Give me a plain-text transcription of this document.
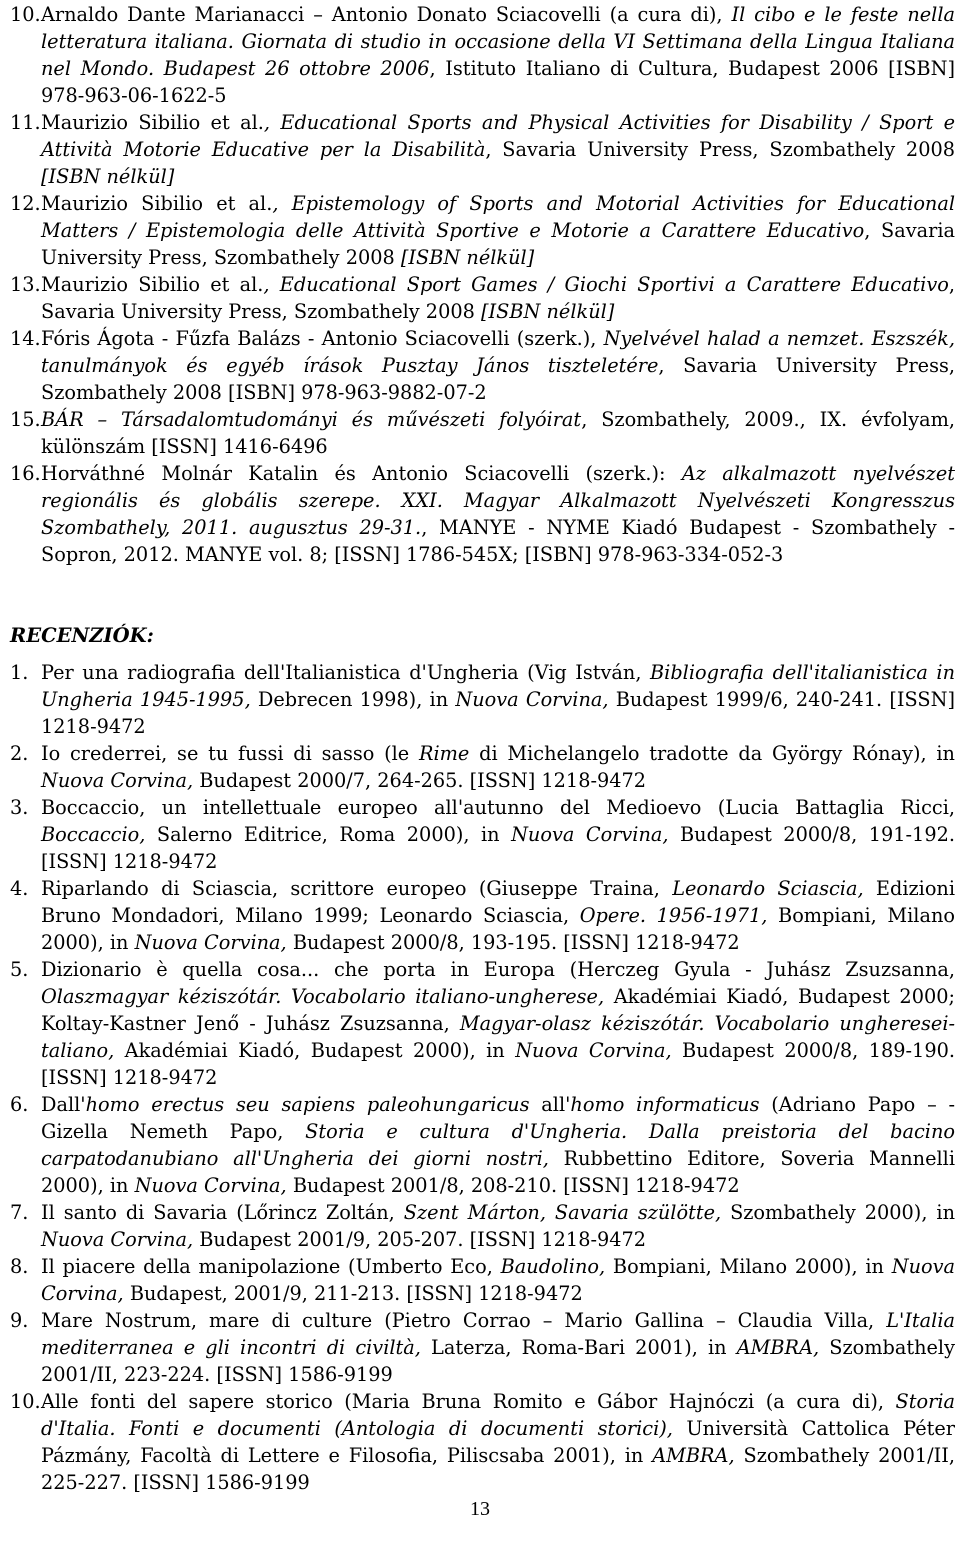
10. Arnaldo Dante Marianacci – Antonio Donato Sciacovelli (a cura di), Il cibo e le feste nella letteratura italiana. Giornata di studio in occasione della VI Settimana della Lingua Italiana nel Mondo. Budapest 26 ottobre 2006, Istituto Italiano di Cultura, Budapest 2006 [ISBN] 978-963-06-1622-5
11. Maurizio Sibilio et al., Educational Sports and Physical Activities for Disability / Sport e Attività Motorie Educative per la Disabilità, Savaria University Press, Szombathely 2008 [ISBN nélkül]
12. Maurizio Sibilio et al., Epistemology of Sports and Motorial Activities for Educational Matters / Epistemologia delle Attività Sportive e Motorie a Carattere Educativo, Savaria University Press, Szombathely 2008 [ISBN nélkül]
13. Maurizio Sibilio et al., Educational Sport Games / Giochi Sportivi a Carattere Educativo, Savaria University Press, Szombathely 2008 [ISBN nélkül]
14. Fóris Ágota - Fűzfa Balázs - Antonio Sciacovelli (szerk.), Nyelvével halad a nemzet. Eszszék, tanulmányok és egyéb írások Pusztay János tiszteletére, Savaria University Press, Szombathely 2008 [ISBN] 978-963-9882-07-2
15. BÁR – Társadalomtudományi és művészeti folyóirat, Szombathely, 2009., IX. évfolyam, különszám [ISSN] 1416-6496
16. Horváthné Molnár Katalin és Antonio Sciacovelli (szerk.): Az alkalmazott nyelvészet regionális és globális szerepe. XXI. Magyar Alkalmazott Nyelvészeti Kongresszus Szombathely, 2011. augusztus 29-31., MANYE - NYME Kiadó Budapest - Szombathely - Sopron, 2012. MANYE vol. 8; [ISSN] 1786-545X; [ISBN] 978-963-334-052-3
RECENZIÓK:
1. Per una radiografia dell'Italianistica d'Ungheria (Vig István, Bibliografia dell'italianistica in Ungheria 1945-1995, Debrecen 1998), in Nuova Corvina, Budapest 1999/6, 240-241. [ISSN] 1218-9472
2. Io crederrei, se tu fussi di sasso (le Rime di Michelangelo tradotte da György Rónay), in Nuova Corvina, Budapest 2000/7, 264-265. [ISSN] 1218-9472
3. Boccaccio, un intellettuale europeo all'autunno del Medioevo (Lucia Battaglia Ricci, Boccaccio, Salerno Editrice, Roma 2000), in Nuova Corvina, Budapest 2000/8, 191-192. [ISSN] 1218-9472
4. Riparlando di Sciascia, scrittore europeo (Giuseppe Traina, Leonardo Sciascia, Edizioni Bruno Mondadori, Milano 1999; Leonardo Sciascia, Opere. 1956-1971, Bompiani, Milano 2000), in Nuova Corvina, Budapest 2000/8, 193-195. [ISSN] 1218-9472
5. Dizionario è quella cosa... che porta in Europa (Herczeg Gyula - Juhász Zsuzsanna, Olaszmagyar kéziszótár. Vocabolario italiano-ungherese, Akadémiai Kiadó, Budapest 2000; Koltay-Kastner Jenő - Juhász Zsuzsanna, Magyar-olasz kéziszótár. Vocabolario ungheresei-taliano, Akadémiai Kiadó, Budapest 2000), in Nuova Corvina, Budapest 2000/8, 189-190. [ISSN] 1218-9472
6. Dall'homo erectus seu sapiens paleohungaricus all'homo informaticus (Adriano Papo – - Gizella Nemeth Papo, Storia e cultura d'Ungheria. Dalla preistoria del bacino carpatodanubiano all'Ungheria dei giorni nostri, Rubbettino Editore, Soveria Mannelli 2000), in Nuova Corvina, Budapest 2001/8, 208-210. [ISSN] 1218-9472
7. Il santo di Savaria (Lőrincz Zoltán, Szent Márton, Savaria szülötte, Szombathely 2000), in Nuova Corvina, Budapest 2001/9, 205-207. [ISSN] 1218-9472
8. Il piacere della manipolazione (Umberto Eco, Baudolino, Bompiani, Milano 2000), in Nuova Corvina, Budapest, 2001/9, 211-213. [ISSN] 1218-9472
9. Mare Nostrum, mare di culture (Pietro Corrao – Mario Gallina – Claudia Villa, L'Italia mediterranea e gli incontri di civiltà, Laterza, Roma-Bari 2001), in AMBRA, Szombathely 2001/II, 223-224. [ISSN] 1586-9199
10. Alle fonti del sapere storico (Maria Bruna Romito e Gábor Hajnóczi (a cura di), Storia d'Italia. Fonti e documenti (Antologia di documenti storici), Università Cattolica Péter Pázmány, Facoltà di Lettere e Filosofia, Piliscsaba 2001), in AMBRA, Szombathely 2001/II, 225-227. [ISSN] 1586-9199
13
